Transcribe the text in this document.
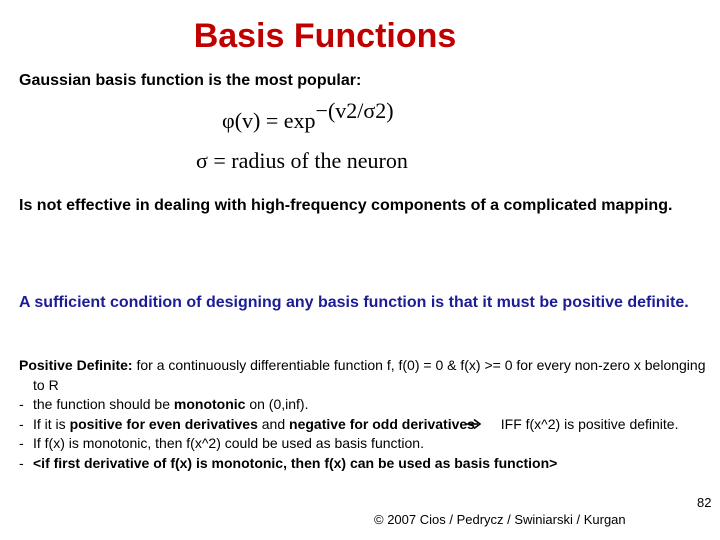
Basis Functions
Gaussian basis function is the most popular:
φ(v) = exp−(v2/σ2)
σ = radius of the neuron
Is not effective in dealing with high-frequency components of a complicated mapping.
A sufficient condition of designing any basis function is that it must be positive definite.
Positive Definite: for a continuously differentiable function f, f(0) = 0 & f(x) >= 0 for every non-zero x belonging to R
- the function should be monotonic on (0,inf).
- If it is positive for even derivatives and negative for odd derivatives  IFF f(x^2) is positive definite.
- If f(x) is monotonic, then f(x^2) could be used as basis function.
- <if first derivative of f(x) is monotonic, then f(x) can be used as basis function>
82
© 2007 Cios / Pedrycz / Swiniarski / Kurgan
